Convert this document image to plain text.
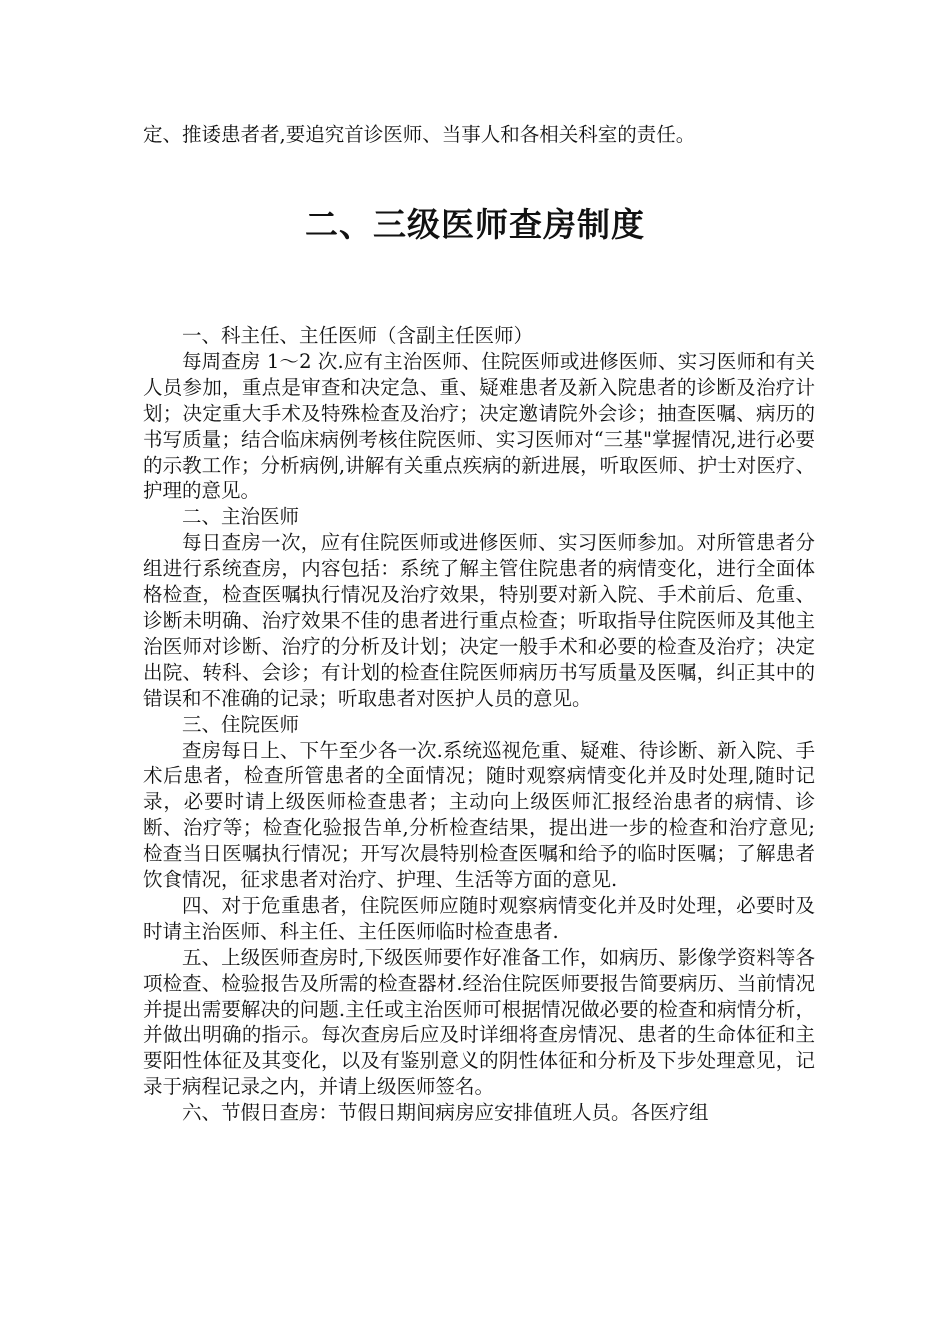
定、推诿患者者,要追究首诊医师、当事人和各相关科室的责任。
二、三级医师查房制度

一、科主任、主任医师（含副主任医师）

每周查房 1～2 次.应有主治医师、住院医师或进修医师、实习医师和有关人员参加，重点是审查和决定急、重、疑难患者及新入院患者的诊断及治疗计划；决定重大手术及特殊检查及治疗；决定邀请院外会诊；抽查医嘱、病历的书写质量；结合临床病例考核住院医师、实习医师对“三基"掌握情况,进行必要的示教工作；分析病例,讲解有关重点疾病的新进展，听取医师、护士对医疗、护理的意见。

二、主治医师

每日查房一次，应有住院医师或进修医师、实习医师参加。对所管患者分组进行系统查房，内容包括：系统了解主管住院患者的病情变化，进行全面体格检查，检查医嘱执行情况及治疗效果，特别要对新入院、手术前后、危重、诊断未明确、治疗效果不佳的患者进行重点检查；听取指导住院医师及其他主治医师对诊断、治疗的分析及计划；决定一般手术和必要的检查及治疗；决定出院、转科、会诊；有计划的检查住院医师病历书写质量及医嘱，纠正其中的错误和不准确的记录；听取患者对医护人员的意见。

三、住院医师

查房每日上、下午至少各一次.系统巡视危重、疑难、待诊断、新入院、手术后患者，检查所管患者的全面情况；随时观察病情变化并及时处理,随时记录，必要时请上级医师检查患者；主动向上级医师汇报经治患者的病情、诊断、治疗等；检查化验报告单,分析检查结果，提出进一步的检查和治疗意见;检查当日医嘱执行情况；开写次晨特别检查医嘱和给予的临时医嘱；了解患者饮食情况，征求患者对治疗、护理、生活等方面的意见.

四、对于危重患者，住院医师应随时观察病情变化并及时处理，必要时及时请主治医师、科主任、主任医师临时检查患者.

五、上级医师查房时,下级医师要作好准备工作，如病历、影像学资料等各项检查、检验报告及所需的检查器材.经治住院医师要报告简要病历、当前情况并提出需要解决的问题.主任或主治医师可根据情况做必要的检查和病情分析，并做出明确的指示。每次查房后应及时详细将查房情况、患者的生命体征和主要阳性体征及其变化，以及有鉴别意义的阴性体征和分析及下步处理意见，记录于病程记录之内，并请上级医师签名。

六、节假日查房：节假日期间病房应安排值班人员。各医疗组
